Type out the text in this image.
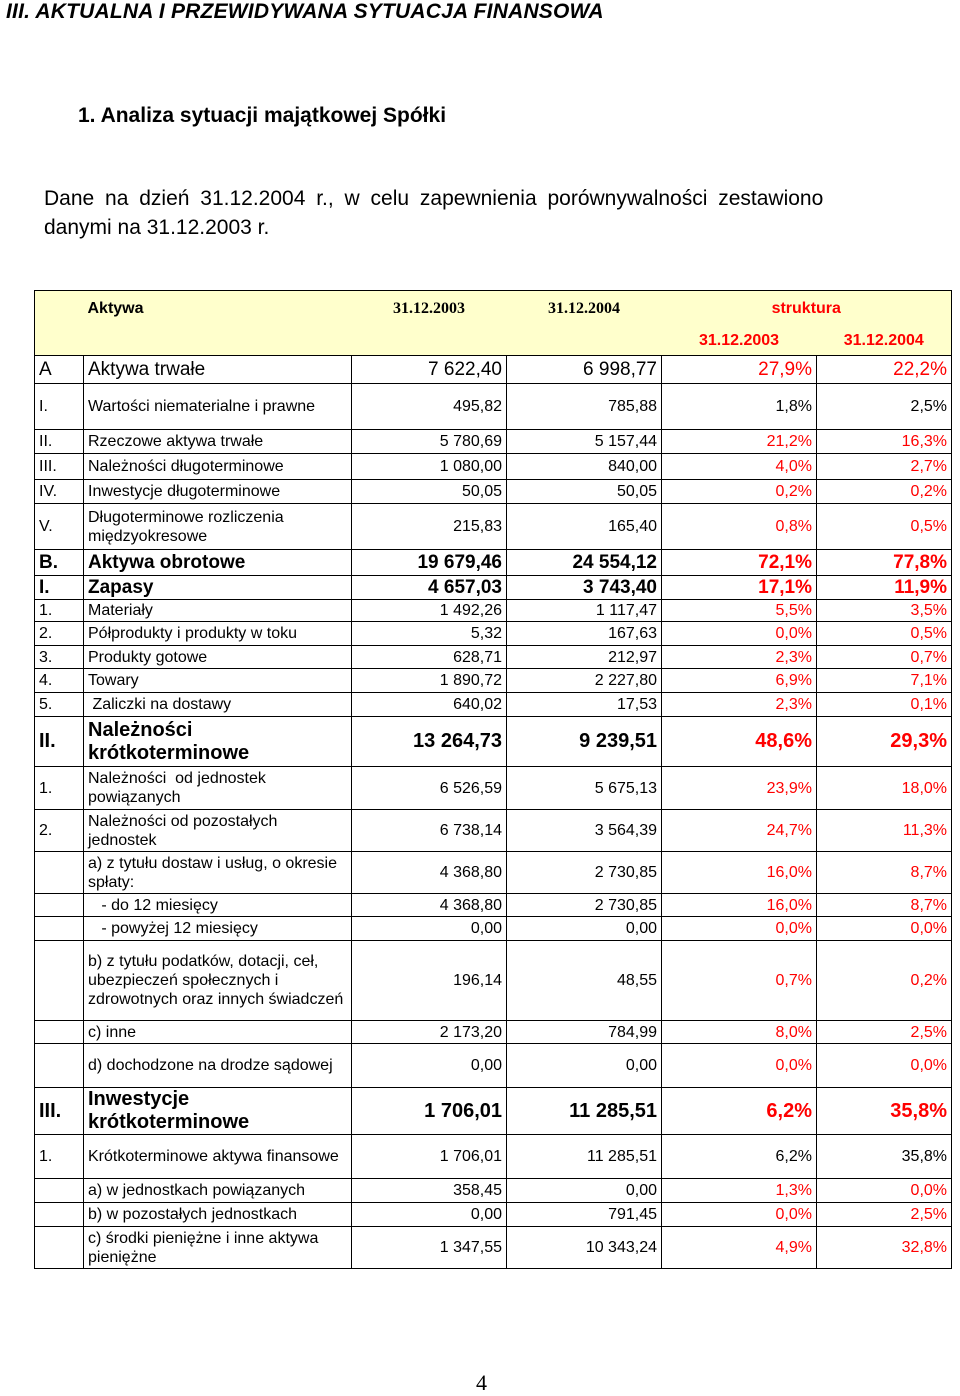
III. AKTUALNA I PRZEWIDYWANA SYTUACJA FINANSOWA
1. Analiza sytuacji majątkowej Spółki
Dane na dzień 31.12.2004 r., w celu zapewnienia porównywalności zestawiono
danymi na 31.12.2003 r.
	Aktywa	31.12.2003	31.12.2004	struktura	
				31.12.2003	31.12.2004
A	Aktywa trwałe	7 622,40	6 998,77	27,9%	22,2%
I.	Wartości niematerialne i prawne	495,82	785,88	1,8%	2,5%
II.	Rzeczowe aktywa trwałe	5 780,69	5 157,44	21,2%	16,3%
III.	Należności długoterminowe	1 080,00	840,00	4,0%	2,7%
IV.	Inwestycje długoterminowe	50,05	50,05	0,2%	0,2%
V.	Długoterminowe rozliczenia międzyokresowe	215,83	165,40	0,8%	0,5%
B.	Aktywa obrotowe	19 679,46	24 554,12	72,1%	77,8%
I.	Zapasy	4 657,03	3 743,40	17,1%	11,9%
1.	Materiały	1 492,26	1 117,47	5,5%	3,5%
2.	Półprodukty i produkty w toku	5,32	167,63	0,0%	0,5%
3.	Produkty gotowe	628,71	212,97	2,3%	0,7%
4.	Towary	1 890,72	2 227,80	6,9%	7,1%
5.	Zaliczki na dostawy	640,02	17,53	2,3%	0,1%
II.	Należności krótkoterminowe	13 264,73	9 239,51	48,6%	29,3%
1.	Należności  od jednostek powiązanych	6 526,59	5 675,13	23,9%	18,0%
2.	Należności od pozostałych jednostek	6 738,14	3 564,39	24,7%	11,3%
	a) z tytułu dostaw i usług, o okresie spłaty:	4 368,80	2 730,85	16,0%	8,7%
	- do 12 miesięcy	4 368,80	2 730,85	16,0%	8,7%
	- powyżej 12 miesięcy	0,00	0,00	0,0%	0,0%
	b) z tytułu podatków, dotacji, ceł, ubezpieczeń społecznych i zdrowotnych oraz innych świadczeń	196,14	48,55	0,7%	0,2%
	c) inne	2 173,20	784,99	8,0%	2,5%
	d) dochodzone na drodze sądowej	0,00	0,00	0,0%	0,0%
III.	Inwestycje krótkoterminowe	1 706,01	11 285,51	6,2%	35,8%
1.	Krótkoterminowe aktywa finansowe	1 706,01	11 285,51	6,2%	35,8%
	a) w jednostkach powiązanych	358,45	0,00	1,3%	0,0%
	b) w pozostałych jednostkach	0,00	791,45	0,0%	2,5%
	c) środki pieniężne i inne aktywa pieniężne	1 347,55	10 343,24	4,9%	32,8%
4
